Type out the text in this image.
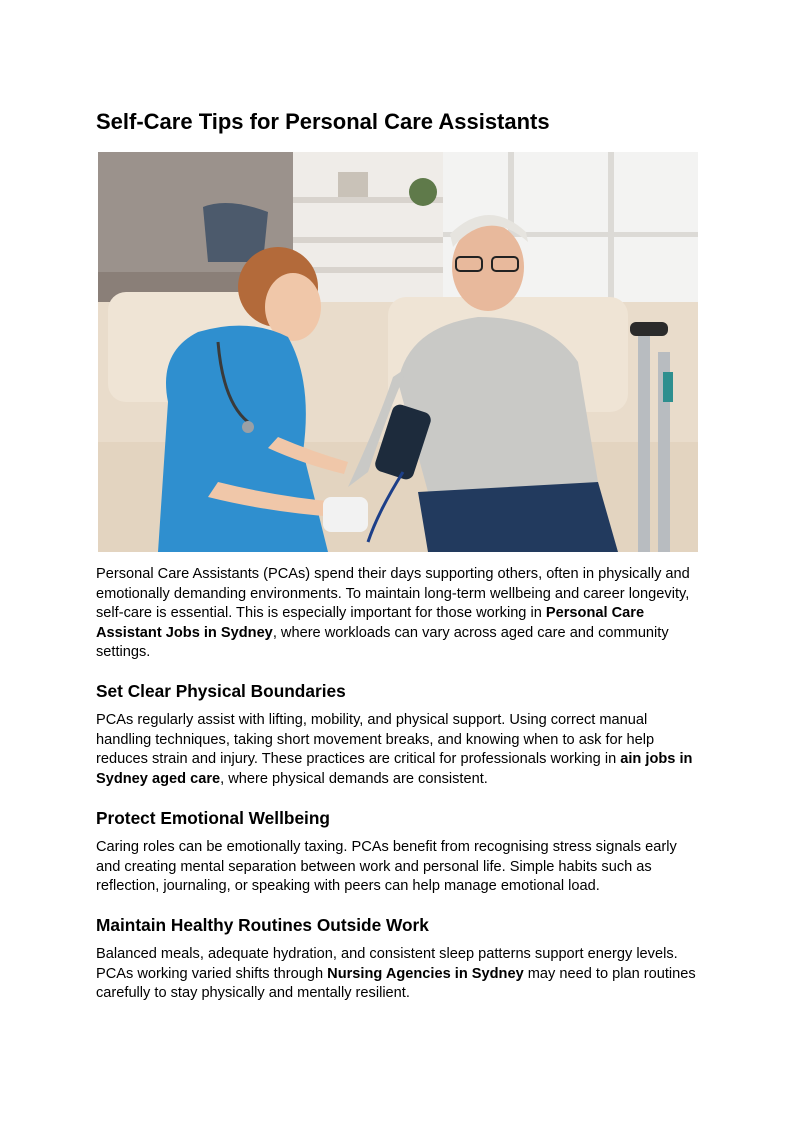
Self-Care Tips for Personal Care Assistants

Personal Care Assistants (PCAs) spend their days supporting others, often in physically and emotionally demanding environments. To maintain long-term wellbeing and career longevity, self-care is essential. This is especially important for those working in Personal Care Assistant Jobs in Sydney, where workloads can vary across aged care and community settings.

Set Clear Physical Boundaries

PCAs regularly assist with lifting, mobility, and physical support. Using correct manual handling techniques, taking short movement breaks, and knowing when to ask for help reduces strain and injury. These practices are critical for professionals working in ain jobs in Sydney aged care, where physical demands are consistent.

Protect Emotional Wellbeing

Caring roles can be emotionally taxing. PCAs benefit from recognising stress signals early and creating mental separation between work and personal life. Simple habits such as reflection, journaling, or speaking with peers can help manage emotional load.

Maintain Healthy Routines Outside Work

Balanced meals, adequate hydration, and consistent sleep patterns support energy levels. PCAs working varied shifts through Nursing Agencies in Sydney may need to plan routines carefully to stay physically and mentally resilient.
